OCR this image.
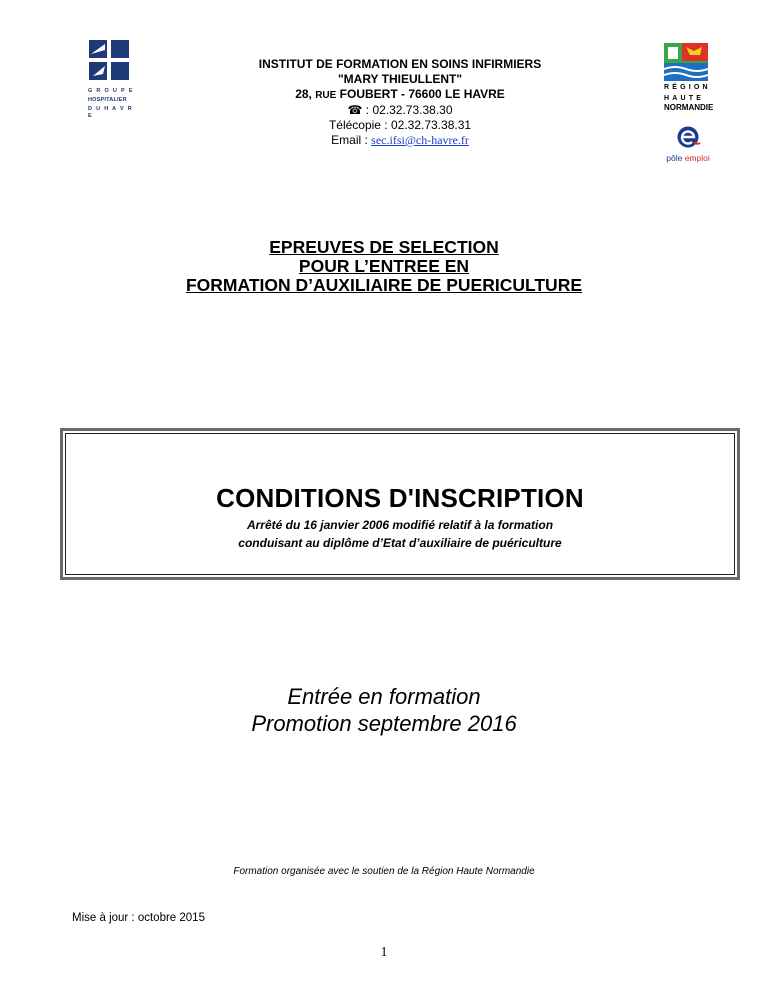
G R O U P E
HOSPITALIER
D U H A V R E
INSTITUT DE FORMATION EN SOINS INFIRMIERS
"MARY THIEULLENT"
28, RUE FOUBERT - 76600 LE HAVRE
☎ : 02.32.73.38.30
Télécopie : 02.32.73.38.31
Email : sec.ifsi@ch-havre.fr
RÉGION
HAUTE
NORMANDIE
pôle emploi
EPREUVES DE SELECTION
POUR L’ENTREE EN
FORMATION D’AUXILIAIRE DE PUERICULTURE
CONDITIONS D'INSCRIPTION
Arrêté du 16 janvier 2006 modifié relatif à la formation
conduisant au diplôme d’Etat d’auxiliaire de puériculture
Entrée en formation
Promotion septembre 2016
Formation organisée avec le soutien de la Région Haute Normandie
Mise à jour : octobre 2015
1
